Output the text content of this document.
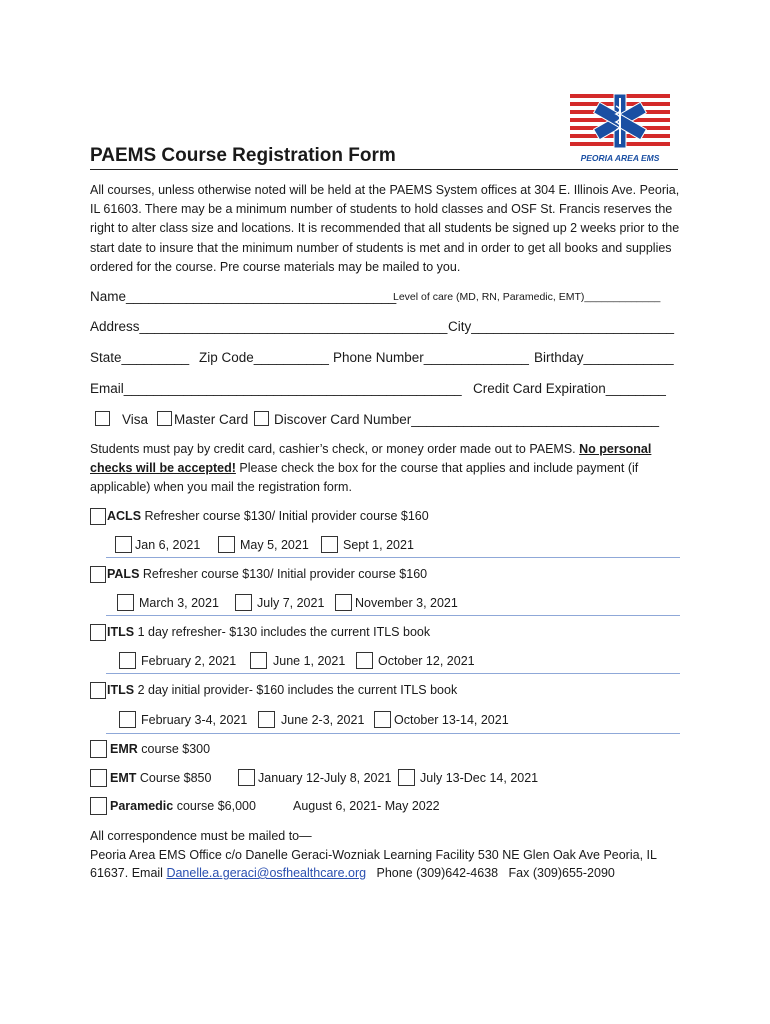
PEORIA AREA EMS
PAEMS Course Registration Form
All courses, unless otherwise noted will be held at the PAEMS System offices at 304 E. Illinois Ave. Peoria, IL 61603. There may be a minimum number of students to hold classes and OSF St. Francis reserves the right to alter class size and locations. It is recommended that all students be signed up 2 weeks prior to the start date to insure that the minimum number of students is met and in order to get all books and supplies ordered for the course. Pre course materials may be mailed to you.
Name____________________________________
Level of care (MD, RN, Paramedic, EMT)_____________
Address_________________________________________ City___________________________
State_________ Zip Code__________ Phone Number______________ Birthday____________
Email_____________________________________________ Credit Card Expiration________
Visa Master Card Discover Card Number_________________________________
Students must pay by credit card, cashier’s check, or money order made out to PAEMS. No personal
checks will be accepted! Please check the box for the course that applies and include payment (if
applicable) when you mail the registration form.
ACLS Refresher course $130/ Initial provider course $160
Jan 6, 2021	May 5, 2021	Sept 1, 2021
PALS Refresher course $130/ Initial provider course $160
March 3, 2021	July 7, 2021 November 3, 2021
ITLS 1 day refresher- $130 includes the current ITLS book
February 2, 2021	June 1, 2021	October 12, 2021
ITLS 2 day initial provider- $160 includes the current ITLS book
February 3-4, 2021	June 2-3, 2021 October 13-14, 2021
EMR course $300
EMT Course $850	January 12-July 8, 2021 July 13-Dec 14, 2021
Paramedic course $6,000	August 6, 2021- May 2022
All correspondence must be mailed to—
Peoria Area EMS Office c/o Danelle Geraci-Wozniak Learning Facility 530 NE Glen Oak Ave Peoria, IL
61637. Email Danelle.a.geraci@osfhealthcare.org Phone (309)642-4638 Fax (309)655-2090
